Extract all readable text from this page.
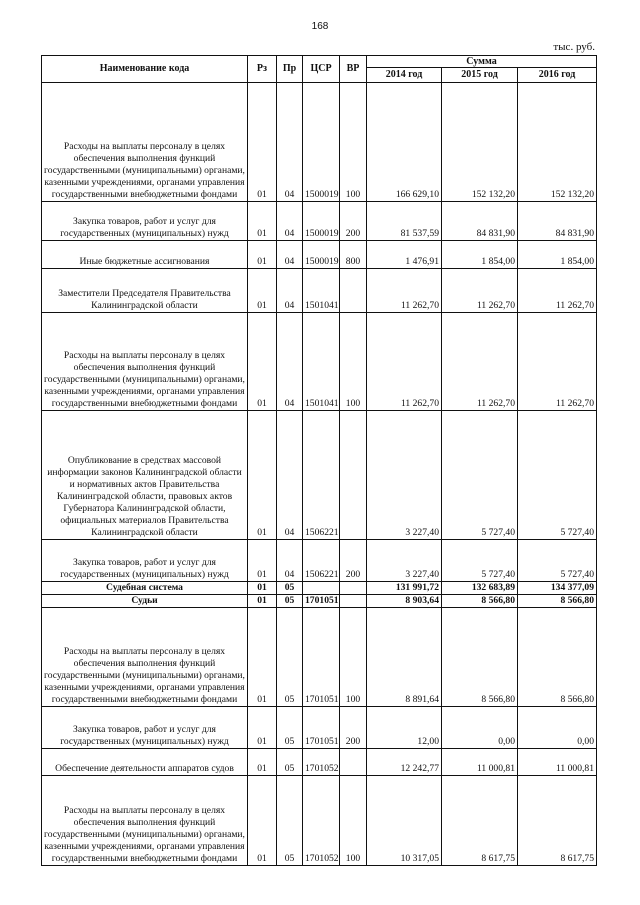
168
тыс. руб.
Наименование кода	Рз	Пр	ЦСР	ВР	Сумма		
					2014 год	2015 год	2016 год
Расходы на выплаты персоналу в целях обеспечения выполнения функций государственными (муниципальными) органами, казенными учреждениями, органами управления государственными внебюджетными фондами	01	04	1500019	100	166 629,10	152 132,20	152 132,20
Закупка товаров, работ и услуг для государственных (муниципальных) нужд	01	04	1500019	200	81 537,59	84 831,90	84 831,90
Иные бюджетные ассигнования	01	04	1500019	800	1 476,91	1 854,00	1 854,00
Заместители Председателя Правительства Калининградской области	01	04	1501041		11 262,70	11 262,70	11 262,70
Расходы на выплаты персоналу в целях обеспечения выполнения функций государственными (муниципальными) органами, казенными учреждениями, органами управления государственными внебюджетными фондами	01	04	1501041	100	11 262,70	11 262,70	11 262,70
Опубликование в средствах массовой информации законов Калининградской области и нормативных актов Правительства Калининградской области, правовых актов Губернатора Калининградской области, официальных материалов Правительства Калининградской области	01	04	1506221		3 227,40	5 727,40	5 727,40
Закупка товаров, работ и услуг для государственных (муниципальных) нужд	01	04	1506221	200	3 227,40	5 727,40	5 727,40
Судебная система	01	05			131 991,72	132 683,89	134 377,09
Судьи	01	05	1701051		8 903,64	8 566,80	8 566,80
Расходы на выплаты персоналу в целях обеспечения выполнения функций государственными (муниципальными) органами, казенными учреждениями, органами управления государственными внебюджетными фондами	01	05	1701051	100	8 891,64	8 566,80	8 566,80
Закупка товаров, работ и услуг для государственных (муниципальных) нужд	01	05	1701051	200	12,00	0,00	0,00
Обеспечение деятельности аппаратов судов	01	05	1701052		12 242,77	11 000,81	11 000,81
Расходы на выплаты персоналу в целях обеспечения выполнения функций государственными (муниципальными) органами, казенными учреждениями, органами управления государственными внебюджетными фондами	01	05	1701052	100	10 317,05	8 617,75	8 617,75
